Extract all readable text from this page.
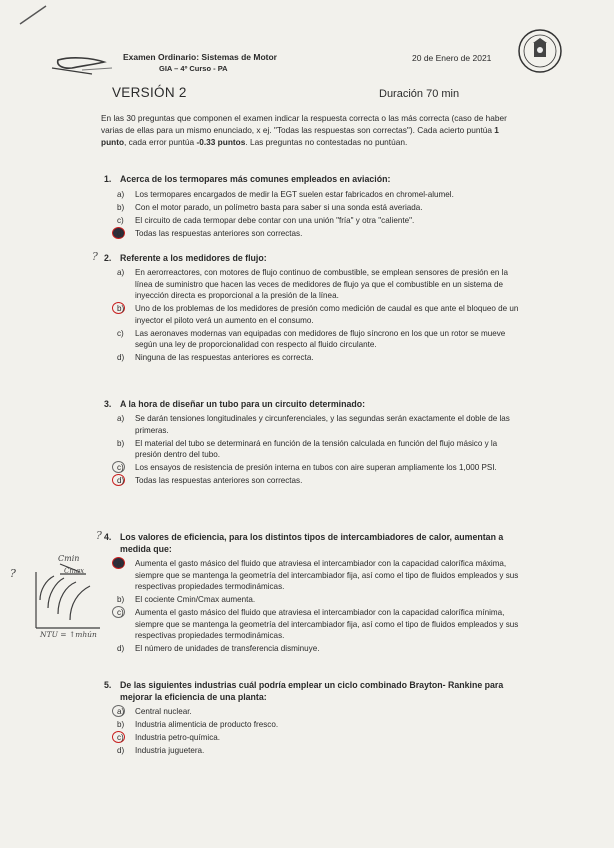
Examen Ordinario: Sistemas de Motor
GIA – 4º Curso - PA
20 de Enero de 2021
VERSIÓN 2	Duración 70 min
En las 30 preguntas que componen el examen indicar la respuesta correcta o las más correcta (caso de haber varias de ellas para un mismo enunciado, x ej. "Todas las respuestas son correctas"). Cada acierto puntúa 1 punto, cada error puntúa -0.33 puntos. Las preguntas no contestadas no puntúan.
1. Acerca de los termopares más comunes empleados en aviación:
a) Los termopares encargados de medir la EGT suelen estar fabricados en chromel-alumel.
b) Con el motor parado, un polímetro basta para saber si una sonda está averiada.
c) El circuito de cada termopar debe contar con una unión "fría" y otra "caliente".
d) Todas las respuestas anteriores son correctas.
? 2. Referente a los medidores de flujo:
a) En aerorreactores, con motores de flujo continuo de combustible, se emplean sensores de presión en la línea de suministro que hacen las veces de medidores de flujo ya que el combustible en un sistema de inyección directa es proporcional a la presión de la línea.
b) Uno de los problemas de los medidores de presión como medición de caudal es que ante el bloqueo de un inyector el piloto verá un aumento en el consumo.
c) Las aeronaves modernas van equipadas con medidores de flujo síncrono en los que un rotor se mueve según una ley de proporcionalidad con respecto al fluido circulante.
d) Ninguna de las respuestas anteriores es correcta.
3. A la hora de diseñar un tubo para un circuito determinado:
a) Se darán tensiones longitudinales y circunferenciales, y las segundas serán exactamente el doble de las primeras.
b) El material del tubo se determinará en función de la tensión calculada en función del flujo másico y la presión dentro del tubo.
c) Los ensayos de resistencia de presión interna en tubos con aire superan ampliamente los 1,000 PSI.
d) Todas las respuestas anteriores son correctas.
? 4. Los valores de eficiencia, para los distintos tipos de intercambiadores de calor, aumentan a medida que:
a) Aumenta el gasto másico del fluido que atraviesa el intercambiador con la capacidad calorífica máxima, siempre que se mantenga la geometría del intercambiador fija, así como el tipo de fluidos empleados y sus respectivas propiedades termodinámicas.
b) El cociente Cmin/Cmax aumenta.
c) Aumenta el gasto másico del fluido que atraviesa el intercambiador con la capacidad calorífica mínima, siempre que se mantenga la geometría del intercambiador fija, así como el tipo de fluidos empleados y sus respectivas propiedades termodinámicas.
d) El número de unidades de transferencia disminuye.
Cmin
Cmax
?
NTU = ↑mhún
5. De las siguientes industrias cuál podría emplear un ciclo combinado Brayton- Rankine para mejorar la eficiencia de una planta:
a) Central nuclear.
b) Industria alimenticia de producto fresco.
c) Industria petro-química.
d) Industria juguetera.
